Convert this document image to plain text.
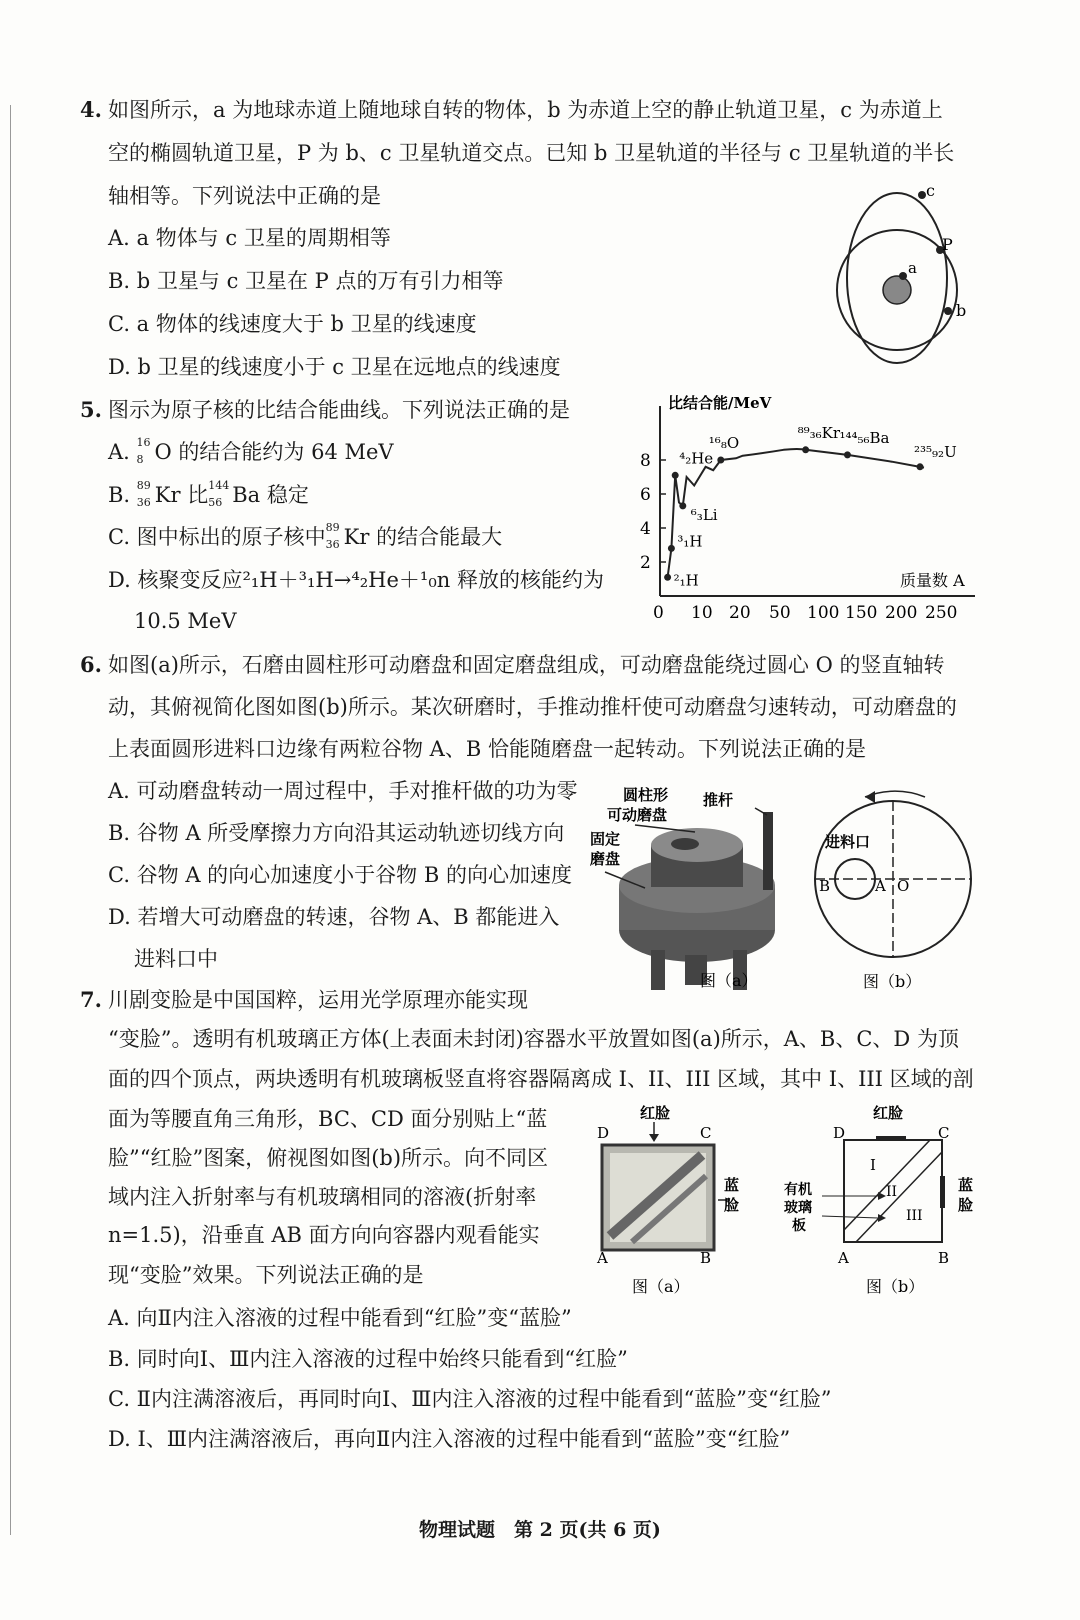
4. 如图所示，a 为地球赤道上随地球自转的物体，b 为赤道上空的静止轨道卫星，c 为赤道上
空的椭圆轨道卫星，P 为 b、c 卫星轨道交点。已知 b 卫星轨道的半径与 c 卫星轨道的半长
轴相等。下列说法中正确的是
A. a 物体与 c 卫星的周期相等
B. b 卫星与 c 卫星在 P 点的万有引力相等
C. a 物体的线速度大于 b 卫星的线速度
D. b 卫星的线速度小于 c 卫星在远地点的线速度
c
P
a
b
5. 图示为原子核的比结合能曲线。下列说法正确的是
A. 16
8 O 的结合能约为 64 MeV
B. 89
36 Kr 比 144
56 Ba 稳定
C. 图中标出的原子核中 89
36 Kr 的结合能最大
D. 核聚变反应²₁H＋³₁H→⁴₂He＋¹₀n 释放的核能约为
10.5 MeV
比结合能/MeV
质量数 A
0 10 20 50 100 150 200 250
2
4
6
8
²₁H
³₁H
⁴₂He
⁶₃Li
¹⁶₈O
⁸⁹₃₆Kr ¹⁴⁴₅₆Ba
²³⁵₉₂U
6. 如图(a)所示，石磨由圆柱形可动磨盘和固定磨盘组成，可动磨盘能绕过圆心 O 的竖直轴转
动，其俯视简化图如图(b)所示。某次研磨时，手推动推杆使可动磨盘匀速转动，可动磨盘的
上表面圆形进料口边缘有两粒谷物 A、B 恰能随磨盘一起转动。下列说法正确的是
A. 可动磨盘转动一周过程中，手对推杆做的功为零
B. 谷物 A 所受摩擦力方向沿其运动轨迹切线方向
C. 谷物 A 的向心加速度小于谷物 B 的向心加速度
D. 若增大可动磨盘的转速，谷物 A、B 都能进入
进料口中
圆柱形
可动磨盘
推杆
固定
磨盘
图（a）
进料口
B	A O
图（b）
7. 川剧变脸是中国国粹，运用光学原理亦能实现
“变脸”。透明有机玻璃正方体(上表面未封闭)容器水平放置如图(a)所示，A、B、C、D 为顶
面的四个顶点，两块透明有机玻璃板竖直将容器隔离成 I、II、III 区域，其中 I、III 区域的剖
面为等腰直角三角形，BC、CD 面分别贴上“蓝
脸”“红脸”图案，俯视图如图(b)所示。向不同区
域内注入折射率与有机玻璃相同的溶液(折射率
n=1.5)，沿垂直 AB 面方向向容器内观看能实
现“变脸”效果。下列说法正确的是
A. 向Ⅱ内注入溶液的过程中能看到“红脸”变“蓝脸”
B. 同时向Ⅰ、Ⅲ内注入溶液的过程中始终只能看到“红脸”
C. Ⅱ内注满溶液后，再同时向Ⅰ、Ⅲ内注入溶液的过程中能看到“蓝脸”变“红脸”
D. Ⅰ、Ⅲ内注满溶液后，再向Ⅱ内注入溶液的过程中能看到“蓝脸”变“红脸”
红脸
D	C
A	B
蓝
脸
图（a）
红脸
D	C
I
II
III
蓝
脸
有机
玻璃
板
A	B
图（b）
物理试题　第 2 页(共 6 页)
